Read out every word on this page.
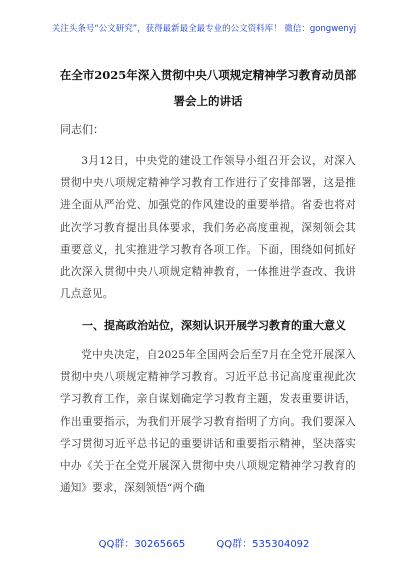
关注头条号“公文研究”，获得最新最全最专业的公文资料库！ 微信：gongwenyj
在全市2025年深入贯彻中央八项规定精神学习教育动员部署会上的讲话
同志们：
3月12日，中央党的建设工作领导小组召开会议，对深入贯彻中央八项规定精神学习教育工作进行了安排部署，这是推进全面从严治党、加强党的作风建设的重要举措。省委也将对此次学习教育提出具体要求，我们务必高度重视，深刻领会其重要意义，扎实推进学习教育各项工作。下面，围绕如何抓好此次深入贯彻中央八项规定精神教育，一体推进学查改、我讲几点意见。
一、提高政治站位，深刻认识开展学习教育的重大意义
党中央决定，自2025年全国两会后至7月在全党开展深入贯彻中央八项规定精神学习教育。习近平总书记高度重视此次学习教育工作，亲自谋划确定学习教育主题，发表重要讲话，作出重要指示，为我们开展学习教育指明了方向。我们要深入学习贯彻习近平总书记的重要讲话和重要指示精神，坚决落实中办《关于在全党开展深入贯彻中央八项规定精神学习教育的通知》要求，深刻领悟“两个确
QQ群：30265665	QQ群：535304092
